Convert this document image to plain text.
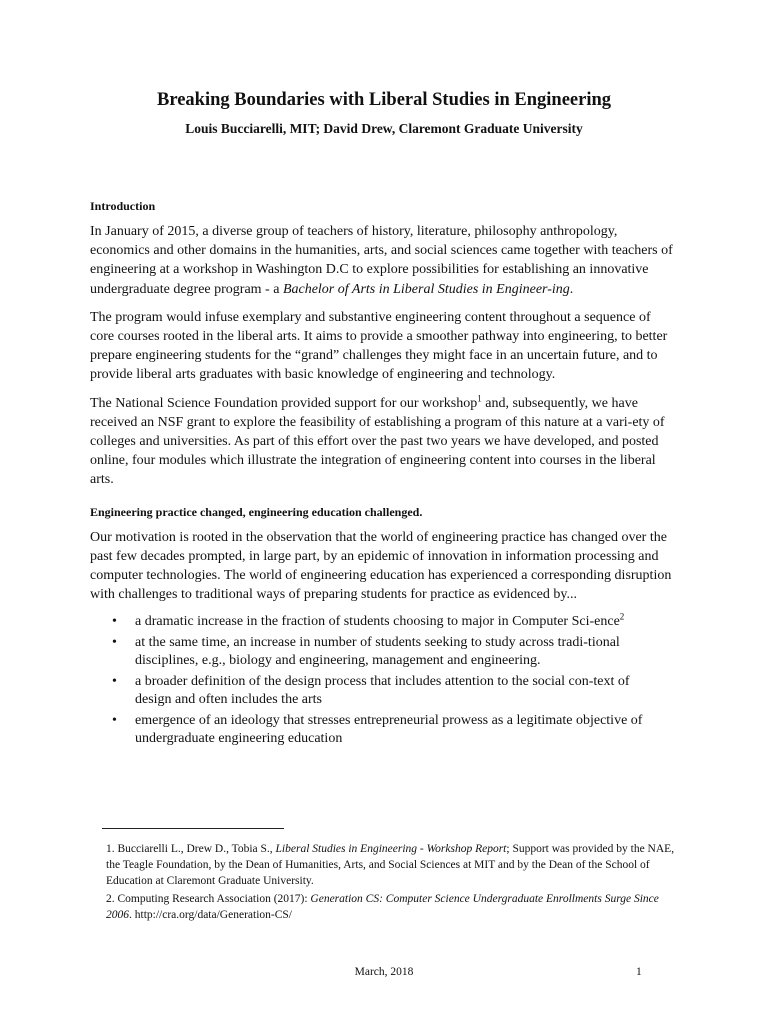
Breaking Boundaries with Liberal Studies in Engineering
Louis Bucciarelli, MIT; David Drew, Claremont Graduate University
Introduction

In January of 2015, a diverse group of teachers of history, literature, philosophy anthropology, economics and other domains in the humanities, arts, and social sciences came together with teachers of engineering at a workshop in Washington D.C to explore possibilities for establishing an innovative undergraduate degree program - a Bachelor of Arts in Liberal Studies in Engineer-ing.

The program would infuse exemplary and substantive engineering content throughout a sequence of core courses rooted in the liberal arts. It aims to provide a smoother pathway into engineering, to better prepare engineering students for the “grand” challenges they might face in an uncertain future, and to provide liberal arts graduates with basic knowledge of engineering and technology.

The National Science Foundation provided support for our workshop$^1$ and, subsequently, we have received an NSF grant to explore the feasibility of establishing a program of this nature at a vari-ety of colleges and universities. As part of this effort over the past two years we have developed, and posted online, four modules which illustrate the integration of engineering content into courses in the liberal arts.

Engineering practice changed, engineering education challenged.

Our motivation is rooted in the observation that the world of engineering practice has changed over the past few decades prompted, in large part, by an epidemic of innovation in information processing and computer technologies. The world of engineering education has experienced a corresponding disruption with challenges to traditional ways of preparing students for practice as evidenced by...

• a dramatic increase in the fraction of students choosing to major in Computer Sci-ence$^2$
• at the same time, an increase in number of students seeking to study across tradi-tional disciplines, e.g., biology and engineering, management and engineering.
• a broader definition of the design process that includes attention to the social con-text of design and often includes the arts
• emergence of an ideology that stresses entrepreneurial prowess as a legitimate objective of undergraduate engineering education
1. Bucciarelli L., Drew D., Tobia S., Liberal Studies in Engineering - Workshop Report; Support was provided by the NAE, the Teagle Foundation, by the Dean of Humanities, Arts, and Social Sciences at MIT and by the Dean of the School of Education at Claremont Graduate University.
2. Computing Research Association (2017): Generation CS: Computer Science Undergraduate Enrollments Surge Since 2006. http://cra.org/data/Generation-CS/
March, 2018	1
